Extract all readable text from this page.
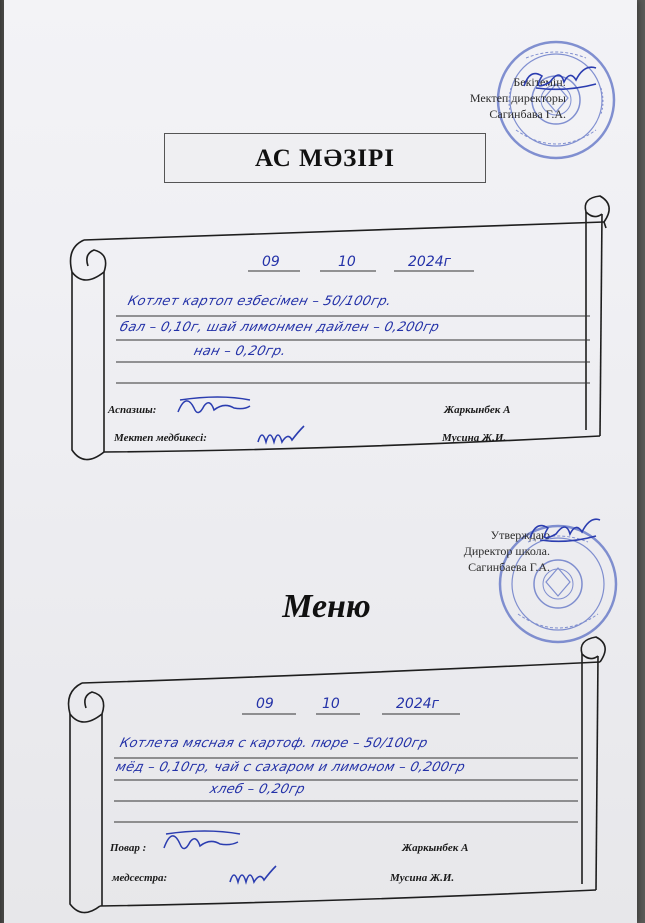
Бекітемін:
Мектеп директоры
Сагинбава Г.А.
АС МӘЗІРІ
09	10	2024г
Котлет картоп езбесімен – 50/100гр.
бал – 0,10г, шай лимонмен дайлен – 0,200гр
нан – 0,20гр.
Аспазшы:	Жаркынбек А
Мектеп медбикесі:	Мусина Ж.И.
Утверждаю
Директор школа.
Сагинбаева Г.А.
Меню
09	10	2024г
Котлета мясная с картоф. пюре – 50/100гр
мёд – 0,10гр, чай с сахаром и лимоном – 0,200гр
хлеб – 0,20гр
Повар :	Жаркынбек А
медсестра:	Мусина Ж.И.
